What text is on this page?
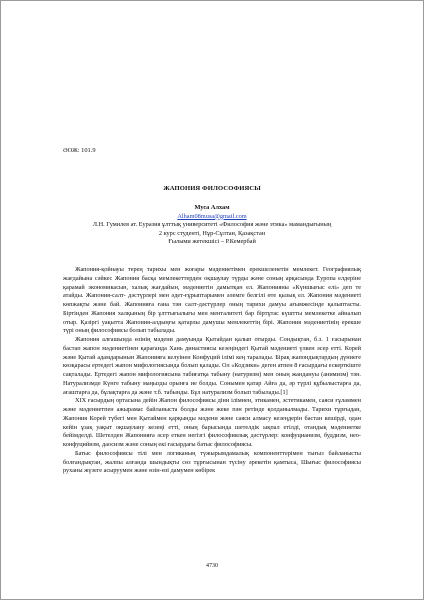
ӘОЖ: 101.9
ЖАПОНИЯ ФИЛОСОФИЯСЫ
Муса Алхам
Alham08musa@gmail.com
Л.Н. Гумилев ат. Еуразия ұлттық университеті «Философия және этика» мамандығының
2 курс студенті, Нұр-Сұлтан, Қазақстан
Ғылыми жетекшісі – Р.Кемербай

Жапония-қойнауы терең тарихы мен жоғары мәдениетімен ерекшеленетін мемлекет. Географиялық жағдайына сәйкес Жапония басқа мемлекеттерден оқшаулау түрды және соның арқасында Еуропа елдеріне қарамай экономикасын, халық жағдайын, мәдениетін дамытқан ел. Жапонияны «Күншығыс елі» деп те атайды. Жапония-салт- дәстүрлері мен әдет-ғұрыптарымен әлемге белгілі өте қызық ел. Жапония мәдениеті көпжақты және бай. Жапонияға ғана тән салт-дәстүрлер оның тарихи дамуы ағымжесінде қалыптасты. Біртінден Жапония халқының бір ұлттығылығы мен менталитеті бар біртұтас күштты мемлекетке айналып отыр. Қазіргі уақытта Жапония-алдыңғы қатарлы дамушы мемлекеттің бірі. Жапония мәдениетінің ерекше түрі оның философиясы болып табылады.

Жапония алғашында өзінің мәдени дамуында Қытайдан қалып отырды. Сондықтан, б.з. 1 ғасырынан бастап жапон мәдениетінен қарағанда Хань династиясы кезеңіндегі Қытай мәдениеті үлкен әсер етті. Корей және Қытай адамдарынын Жапонияға келуінен Конфуций ілімі кең таралады. Бірақ жапондықтардың дүниеге көзқарасы ертедегі жапон мифологиясында болып қалады. Ол «Кодзики» деген атпен 8 ғасырдағы ескерткіште сақталады. Ертедегі жапон мифологиясына табиғатқа табыну (натуризм) мен оның жандануы (анимизм) тән. Натурализмде Күнге табыну маңызды орынға ие болды. Сонымен қатар Айға да, әр түрлі құбылыстарға да, ағаштарға да, бұлақтарға да және т.б. табынды. Бұл натурализм болып табылады.[1]

XIX ғасырдың ортасына дейін Жапон философиясы діни ілімнен, этикамен, эстетикамен, саяси ғұламмен және мәдениетпен ажырамас байланыста болды және жеке пән ретінде қолданылмады. Тарихи тұрғыдан, Жапония Корей түбегі мен Қытаймен қарқынды мәдени және саяси алмасу кезеңдерін бастан кешірді, одан кейін ұзақ уақыт оқшаулану кезеңі етті, оның барысында шетелдік ықпал етілді, отандық мәдениетке бейімделді. Шетелден Жапонияға әсер еткен негізгі философиялық дәстүрлер: конфуцианизм, буддизм, нео-конфуцийизм, даосизм және соның екі ғасырдағы батыс философиясы.

Батыс философиясы тілі мен логиканың түжырымдамалық компоненттерімен тығыз байланысты болғандықтан, жалпы алғанда шындықты сөз тұрғысынан түсіну әрекетін қамтыса, Шығыс философиясы руханы жүзеге асыруумен және өзін-өзі дамумен көбірек

4730
